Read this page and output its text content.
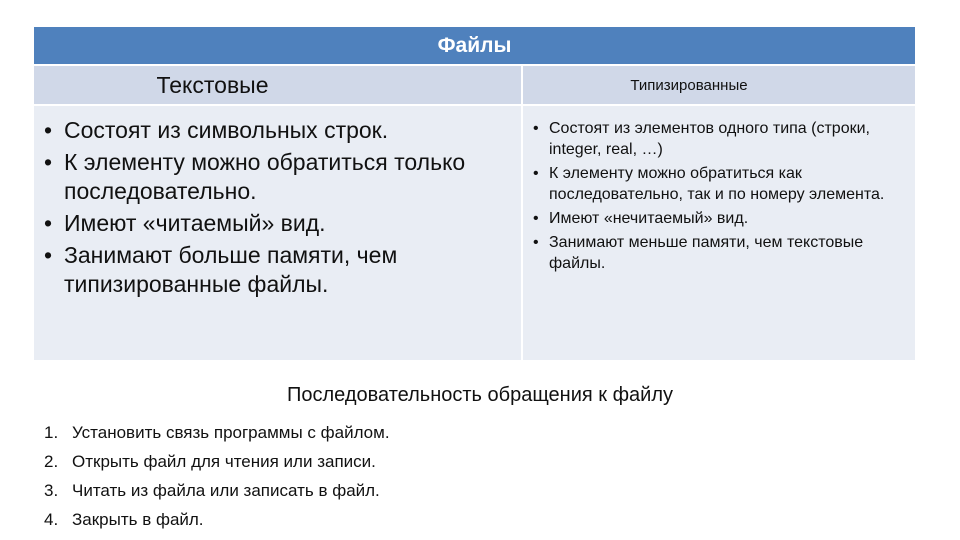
Файлы
Текстовые	Типизированные
• Состоят из символьных строк.
• К элементу можно обратиться только последовательно.
• Имеют «читаемый» вид.
• Занимают больше памяти, чем типизированные файлы.
• Состоят из элементов одного типа (строки, integer, real, …)
• К элементу можно обратиться как последовательно, так и по номеру элемента.
• Имеют «нечитаемый» вид.
• Занимают меньше памяти, чем текстовые файлы.
Последовательность обращения к файлу
1. Установить связь программы с файлом.
2. Открыть файл для чтения или записи.
3. Читать из файла или записать в файл.
4. Закрыть в файл.
